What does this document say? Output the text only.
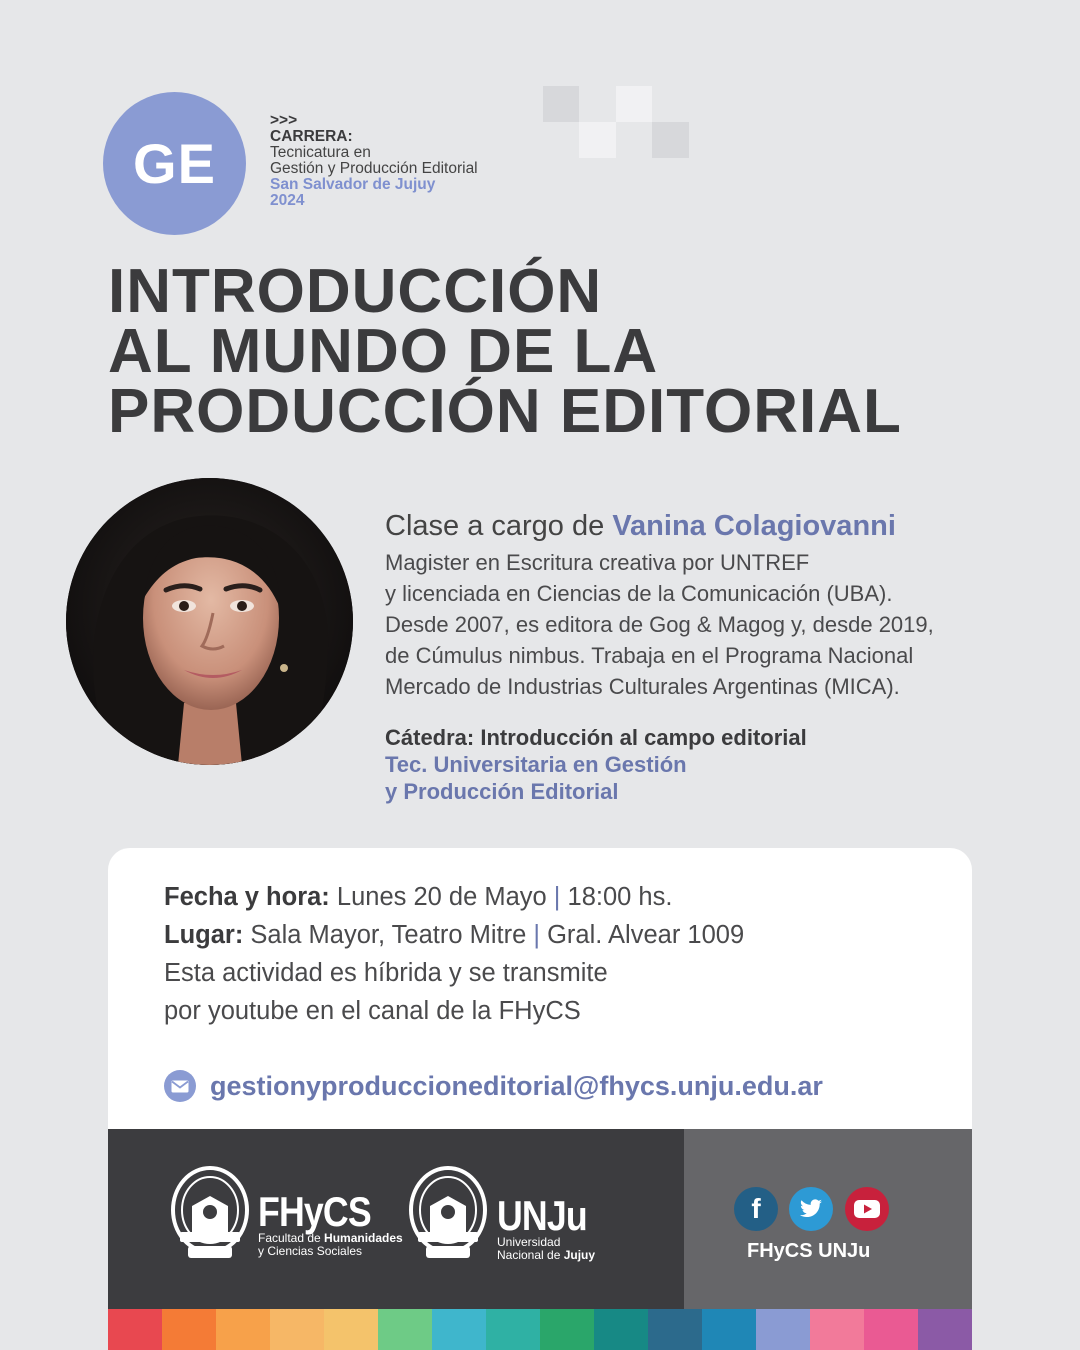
GE
>>>
CARRERA:
Tecnicatura en
Gestión y Producción Editorial
San Salvador de Jujuy
2024
INTRODUCCIÓN
AL MUNDO DE LA
PRODUCCIÓN EDITORIAL
Clase a cargo de Vanina Colagiovanni
Magister en Escritura creativa por UNTREF
y licenciada en Ciencias de la Comunicación (UBA).
Desde 2007, es editora de Gog & Magog y, desde 2019,
de Cúmulus nimbus. Trabaja en el Programa Nacional
Mercado de Industrias Culturales Argentinas (MICA).
Cátedra: Introducción al campo editorial
Tec. Universitaria en Gestión
y Producción Editorial
Fecha y hora: Lunes 20 de Mayo | 18:00 hs.
Lugar: Sala Mayor, Teatro Mitre | Gral. Alvear 1009
Esta actividad es híbrida y se transmite
por youtube en el canal de la FHyCS
gestionyproduccioneditorial@fhycs.unju.edu.ar
FHyCS
Facultad de Humanidades
y Ciencias Sociales
UNJu
Universidad
Nacional de Jujuy
f
FHyCS UNJu
